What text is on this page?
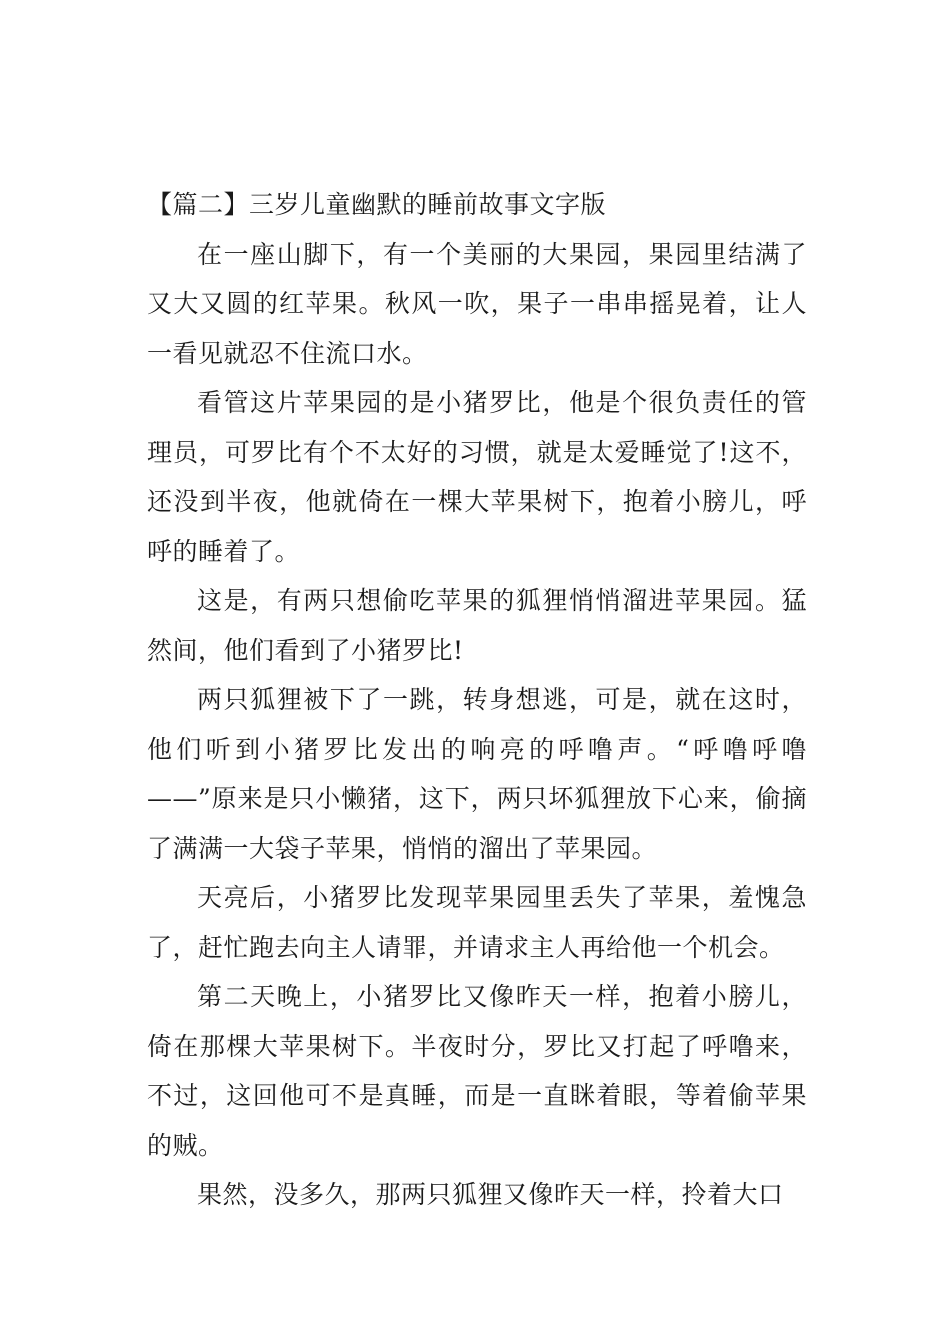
【篇二】三岁儿童幽默的睡前故事文字版

在一座山脚下，有一个美丽的大果园，果园里结满了又大又圆的红苹果。秋风一吹，果子一串串摇晃着，让人一看见就忍不住流口水。

看管这片苹果园的是小猪罗比，他是个很负责任的管理员，可罗比有个不太好的习惯，就是太爱睡觉了!这不，还没到半夜，他就倚在一棵大苹果树下，抱着小膀儿，呼呼的睡着了。

这是，有两只想偷吃苹果的狐狸悄悄溜进苹果园。猛然间，他们看到了小猪罗比!

两只狐狸被下了一跳，转身想逃，可是，就在这时，他们听到小猪罗比发出的响亮的呼噜声。“呼噜呼噜——”原来是只小懒猪，这下，两只坏狐狸放下心来，偷摘了满满一大袋子苹果，悄悄的溜出了苹果园。

天亮后，小猪罗比发现苹果园里丢失了苹果，羞愧急了，赶忙跑去向主人请罪，并请求主人再给他一个机会。

第二天晚上，小猪罗比又像昨天一样，抱着小膀儿，倚在那棵大苹果树下。半夜时分，罗比又打起了呼噜来，不过，这回他可不是真睡，而是一直眯着眼，等着偷苹果的贼。

果然，没多久，那两只狐狸又像昨天一样，拎着大口
